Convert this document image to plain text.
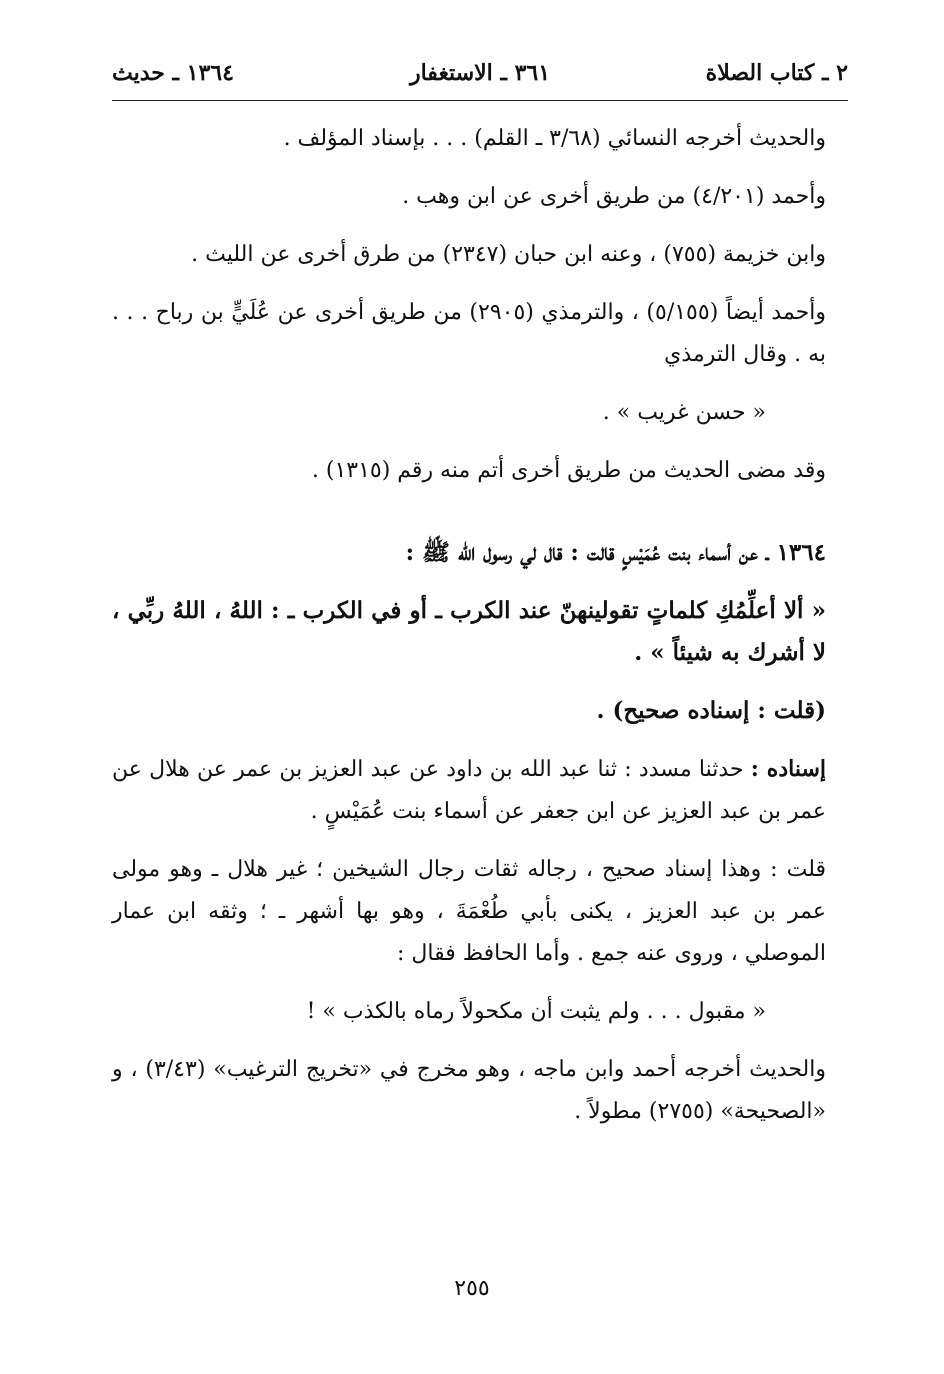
٢ ـ كتاب الصلاة
٣٦١ ـ الاستغفار
١٣٦٤ ـ حديث

والحديث أخرجه النسائي (٣/٦٨ ـ القلم) . . . بإسناد المؤلف .

وأحمد (٤/٢٠١) من طريق أخرى عن ابن وهب .

وابن خزيمة (٧٥٥) ، وعنه ابن حبان (٢٣٤٧) من طرق أخرى عن الليث .

وأحمد أيضاً (٥/١٥٥) ، والترمذي (٢٩٠٥) من طريق أخرى عن عُلَيٍّ بن رباح . . . به . وقال الترمذي

« حسن غريب » .

وقد مضى الحديث من طريق أخرى أتم منه رقم (١٣١٥) .

١٣٦٤ ـ عن أسماء بنت عُمَيْسٍ قالت : قال لي رسول الله ﷺ :

« ألا أعلِّمُكِ كلماتٍ تقولينهنّ عند الكرب ـ أو في الكرب ـ : اللهُ ، اللهُ ربِّي ، لا أشرك به شيئاً » .

(قلت : إسناده صحيح) .

إسناده : حدثنا مسدد : ثنا عبد الله بن داود عن عبد العزيز بن عمر عن هلال عن عمر بن عبد العزيز عن ابن جعفر عن أسماء بنت عُمَيْسٍ .

قلت : وهذا إسناد صحيح ، رجاله ثقات رجال الشيخين ؛ غير هلال ـ وهو مولى عمر بن عبد العزيز ، يكنى بأبي طُعْمَةَ ، وهو بها أشهر ـ ؛ وثقه ابن عمار الموصلي ، وروى عنه جمع . وأما الحافظ فقال :

« مقبول . . . ولم يثبت أن مكحولاً رماه بالكذب » !

والحديث أخرجه أحمد وابن ماجه ، وهو مخرج في «تخريج الترغيب» (٣/٤٣) ، و «الصحيحة» (٢٧٥٥) مطولاً .

٢٥٥
